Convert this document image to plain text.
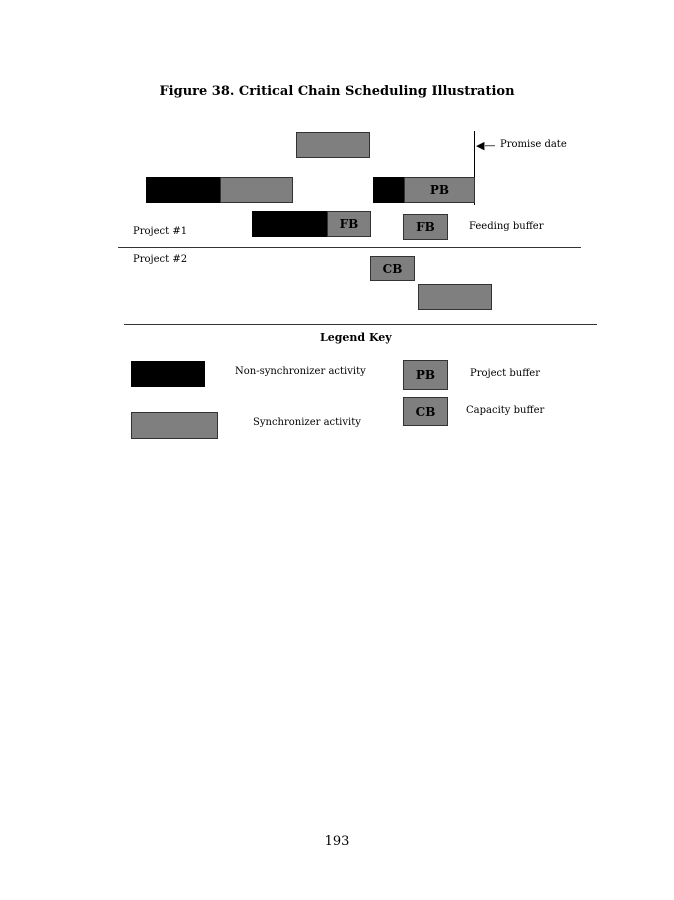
Figure 38. Critical Chain Scheduling Illustration
◀— Promise date
PB
FB	FB	Feeding buffer
Project #1
Project #2
CB
Legend Key
Non-synchronizer activity
Synchronizer activity
PB	Project buffer
CB	Capacity buffer
193
